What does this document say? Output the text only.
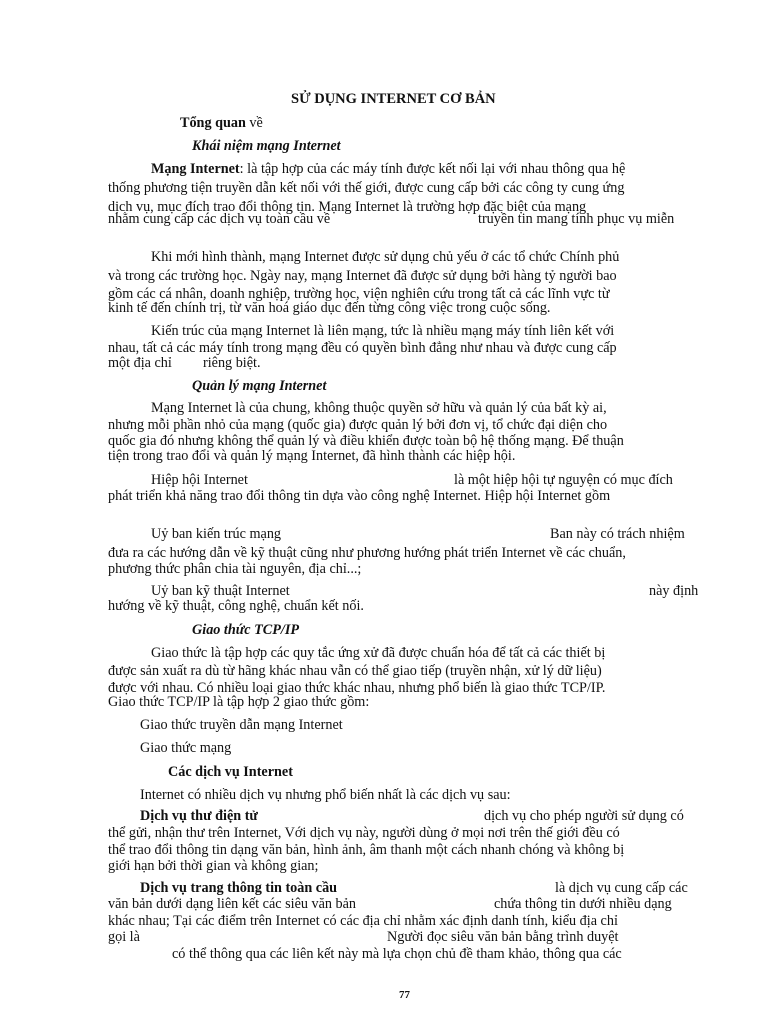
SỬ DỤNG INTERNET CƠ BẢN
Tổng quan về
Khái niệm mạng Internet
Mạng Internet: là tập hợp của các máy tính được kết nối lại với nhau thông qua hệ
thống phương tiện truyền dẫn kết nối với thế giới, được cung cấp bởi các công ty cung ứng
dịch vụ, mục đích trao đổi thông tin. Mạng Internet là trường hợp đặc biệt của mạng
nhằm cung cấp các dịch vụ toàn cầu về	truyền tin mang tính phục vụ miễn
Khi mới hình thành, mạng Internet được sử dụng chủ yếu ở các tổ chức Chính phủ
và trong các trường học. Ngày nay, mạng Internet đã được sử dụng bởi hàng tỷ người bao
gồm các cá nhân, doanh nghiệp, trường học, viện nghiên cứu trong tất cả các lĩnh vực từ
kinh tế đến chính trị, từ văn hoá giáo dục đến từng công việc trong cuộc sống.
Kiến trúc của mạng Internet là liên mạng, tức là nhiều mạng máy tính liên kết với
nhau, tất cả các máy tính trong mạng đều có quyền bình đẳng như nhau và được cung cấp
một địa chỉ riêng biệt.
Quản lý mạng Internet
Mạng Internet là của chung, không thuộc quyền sở hữu và quản lý của bất kỳ ai,
nhưng mỗi phần nhỏ của mạng (quốc gia) được quản lý bởi đơn vị, tổ chức đại diện cho
quốc gia đó nhưng không thể quản lý và điều khiển được toàn bộ hệ thống mạng. Để thuận
tiện trong trao đổi và quản lý mạng Internet, đã hình thành các hiệp hội.
Hiệp hội Internet	là một hiệp hội tự nguyện có mục đích
phát triển khả năng trao đổi thông tin dựa vào công nghệ Internet. Hiệp hội Internet gồm
Uỷ ban kiến trúc mạng	Ban này có trách nhiệm
đưa ra các hướng dẫn về kỹ thuật cũng như phương hướng phát triển Internet về các chuẩn,
phương thức phân chia tài nguyên, địa chỉ...;
Uỷ ban kỹ thuật Internet	này định
hướng về kỹ thuật, công nghệ, chuẩn kết nối.
Giao thức TCP/IP
Giao thức là tập hợp các quy tắc ứng xử đã được chuẩn hóa để tất cả các thiết bị
được sản xuất ra dù từ hãng khác nhau vẫn có thể giao tiếp (truyền nhận, xử lý dữ liệu)
được với nhau. Có nhiều loại giao thức khác nhau, nhưng phổ biến là giao thức TCP/IP.
Giao thức TCP/IP là tập hợp 2 giao thức gồm:
Giao thức truyền dẫn mạng Internet
Giao thức mạng
Các dịch vụ Internet
Internet có nhiều dịch vụ nhưng phổ biến nhất là các dịch vụ sau:
Dịch vụ thư điện tử	dịch vụ cho phép người sử dụng có
thể gửi, nhận thư trên Internet, Với dịch vụ này, người dùng ở mọi nơi trên thế giới đều có
thể trao đổi thông tin dạng văn bản, hình ảnh, âm thanh một cách nhanh chóng và không bị
giới hạn bởi thời gian và không gian;
Dịch vụ trang thông tin toàn cầu	là dịch vụ cung cấp các
văn bản dưới dạng liên kết các siêu văn bản	chứa thông tin dưới nhiều dạng
khác nhau; Tại các điểm trên Internet có các địa chỉ nhằm xác định danh tính, kiểu địa chỉ
gọi là	Người đọc siêu văn bản bằng trình duyệt
có thể thông qua các liên kết này mà lựa chọn chủ đề tham khảo, thông qua các
77
